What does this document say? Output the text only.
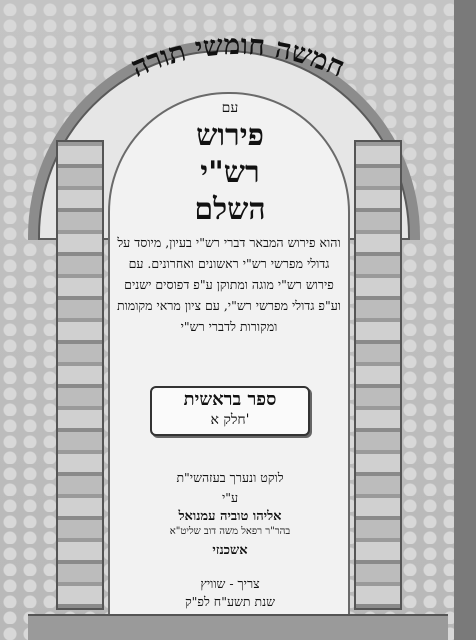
חמשה חומשי תורה
עם
פירוש
רש"י
השלם
והוא פירוש המבאר דברי רש"י בעיון, מיוסד על גדולי מפרשי רש"י ראשונים ואחרונים. עם פירוש רש"י מוגה ומתוקן ע"פ דפוסים ישנים וע"פ גדולי מפרשי רש"י, עם ציון מראי מקומות ומקורות לדברי רש"י
ספר בראשית
חלק א'
לוקט ונערך בעזהשי"ת
ע"י
אליהו טוביה עמנואל
בהר"ר רפאל משה דוב שליט"א
אשכנזי
צריך - שוויץ
שנת תשע"ח לפ"ק
